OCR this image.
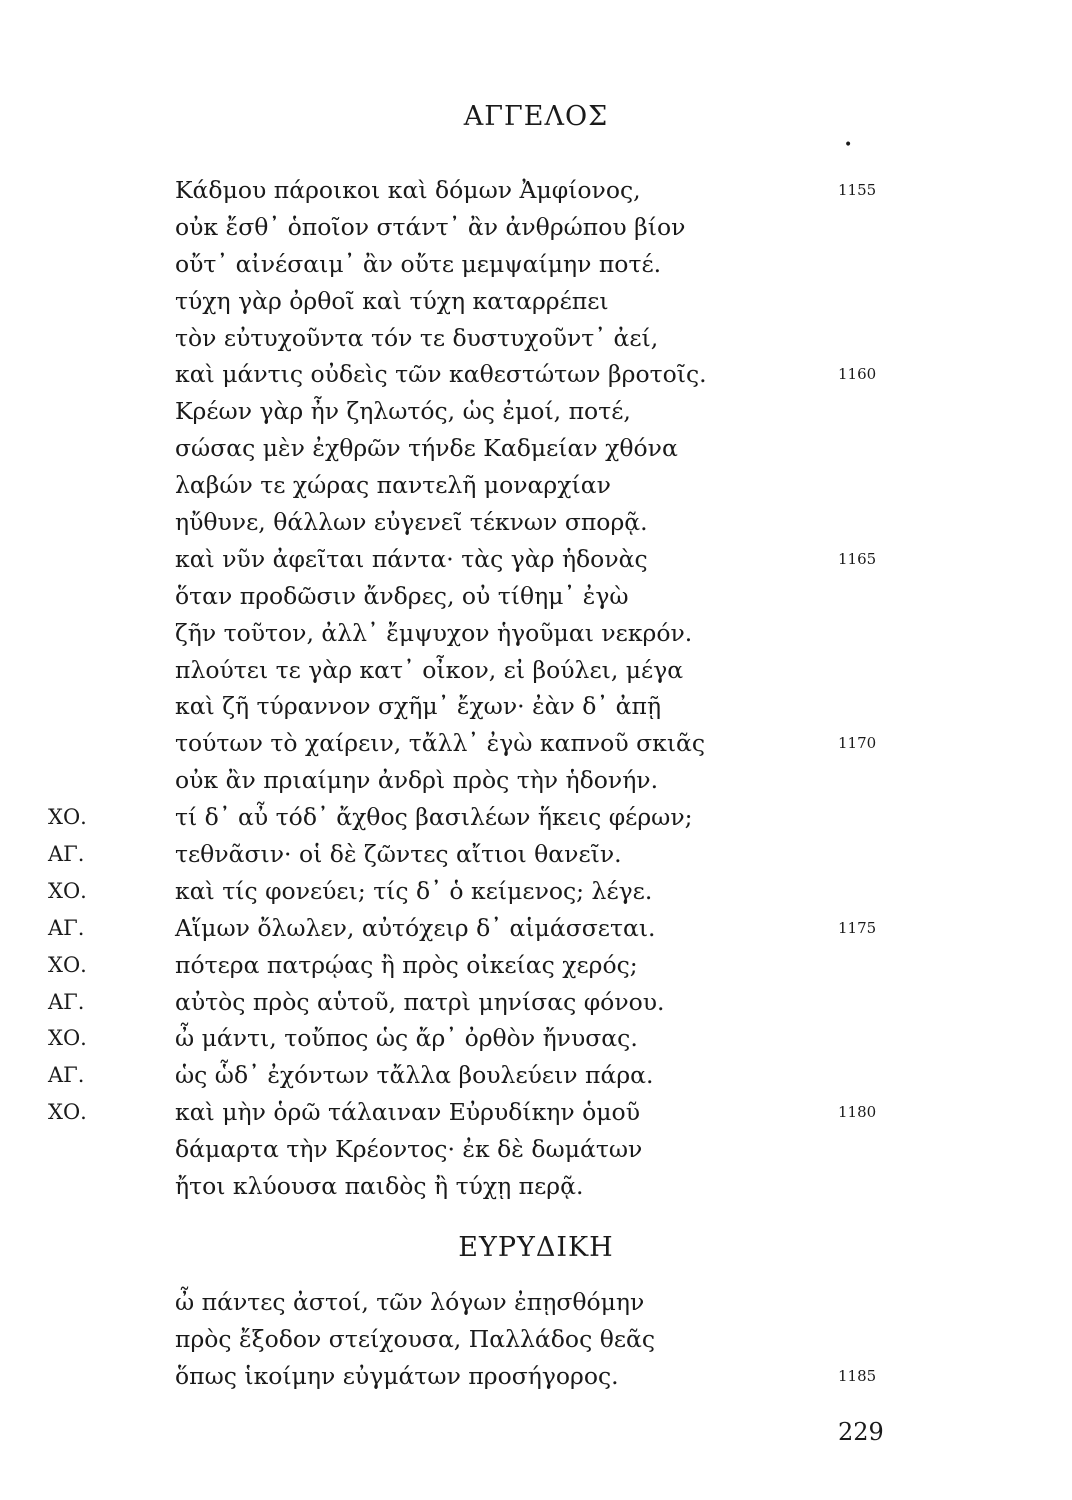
ΑΓΓΕΛΟΣ
•
Κάδμου πάροικοι καὶ δόμων Ἀμφίονος,	1155
οὐκ ἔσθ᾽ ὁποῖον στάντ᾽ ἂν ἀνθρώπου βίον
οὔτ᾽ αἰνέσαιμ᾽ ἂν οὔτε μεμψαίμην ποτέ.
τύχη γὰρ ὀρθοῖ καὶ τύχη καταρρέπει
τὸν εὐτυχοῦντα τόν τε δυστυχοῦντ᾽ ἀεί,
καὶ μάντις οὐδεὶς τῶν καθεστώτων βροτοῖς.	1160
Κρέων γὰρ ἦν ζηλωτός, ὡς ἐμοί, ποτέ,
σώσας μὲν ἐχθρῶν τήνδε Καδμείαν χθόνα
λαβών τε χώρας παντελῆ μοναρχίαν
ηὔθυνε, θάλλων εὐγενεῖ τέκνων σπορᾷ.
καὶ νῦν ἀφεῖται πάντα· τὰς γὰρ ἡδονὰς	1165
ὅταν προδῶσιν ἄνδρες, οὐ τίθημ᾽ ἐγὼ
ζῆν τοῦτον, ἀλλ᾽ ἔμψυχον ἡγοῦμαι νεκρόν.
πλούτει τε γὰρ κατ᾽ οἶκον, εἰ βούλει, μέγα
καὶ ζῆ τύραννον σχῆμ᾽ ἔχων· ἐὰν δ᾽ ἀπῇ
τούτων τὸ χαίρειν, τἄλλ᾽ ἐγὼ καπνοῦ σκιᾶς	1170
οὐκ ἂν πριαίμην ἀνδρὶ πρὸς τὴν ἡδονήν.
ΧΟ.	τί δ᾽ αὖ τόδ᾽ ἄχθος βασιλέων ἥκεις φέρων;
ΑΓ.	τεθνᾶσιν· οἱ δὲ ζῶντες αἴτιοι θανεῖν.
ΧΟ.	καὶ τίς φονεύει; τίς δ᾽ ὁ κείμενος; λέγε.
ΑΓ.	Αἵμων ὄλωλεν, αὐτόχειρ δ᾽ αἱμάσσεται.	1175
ΧΟ.	πότερα πατρῴας ἢ πρὸς οἰκείας χερός;
ΑΓ.	αὐτὸς πρὸς αὑτοῦ, πατρὶ μηνίσας φόνου.
ΧΟ.	ὦ μάντι, τοὔπος ὡς ἄρ᾽ ὀρθὸν ἤνυσας.
ΑΓ.	ὡς ὧδ᾽ ἐχόντων τἄλλα βουλεύειν πάρα.
ΧΟ.	καὶ μὴν ὁρῶ τάλαιναν Εὐρυδίκην ὁμοῦ	1180
δάμαρτα τὴν Κρέοντος· ἐκ δὲ δωμάτων
ἤτοι κλύουσα παιδὸς ἢ τύχῃ περᾷ.
ΕΥΡΥΔΙΚΗ
ὦ πάντες ἀστοί, τῶν λόγων ἐπῃσθόμην
πρὸς ἔξοδον στείχουσα, Παλλάδος θεᾶς
ὅπως ἱκοίμην εὐγμάτων προσήγορος.	1185
229
